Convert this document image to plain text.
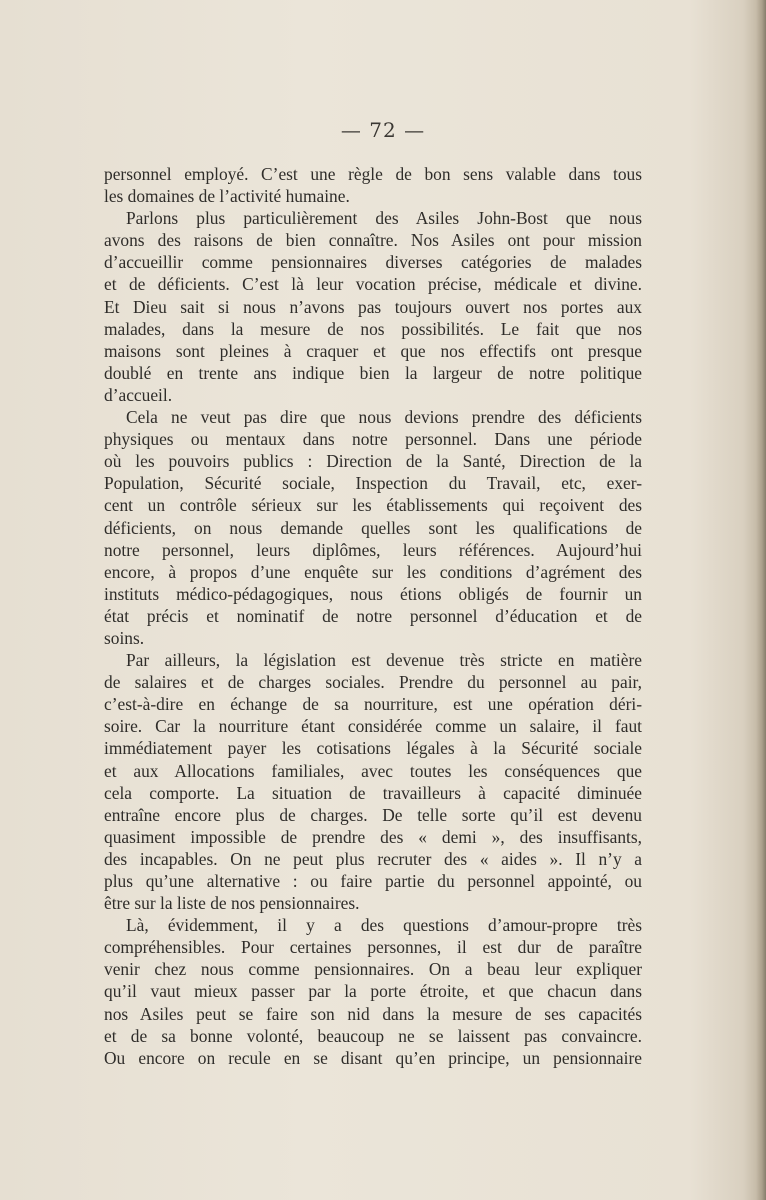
— 72 —
personnel employé. C’est une règle de bon sens valable dans tous
les domaines de l’activité humaine.
Parlons plus particulièrement des Asiles John-Bost que nous
avons des raisons de bien connaître. Nos Asiles ont pour mission
d’accueillir comme pensionnaires diverses catégories de malades
et de déficients. C’est là leur vocation précise, médicale et divine.
Et Dieu sait si nous n’avons pas toujours ouvert nos portes aux
malades, dans la mesure de nos possibilités. Le fait que nos
maisons sont pleines à craquer et que nos effectifs ont presque
doublé en trente ans indique bien la largeur de notre politique
d’accueil.
Cela ne veut pas dire que nous devions prendre des déficients
physiques ou mentaux dans notre personnel. Dans une période
où les pouvoirs publics : Direction de la Santé, Direction de la
Population, Sécurité sociale, Inspection du Travail, etc, exer-
cent un contrôle sérieux sur les établissements qui reçoivent des
déficients, on nous demande quelles sont les qualifications de
notre personnel, leurs diplômes, leurs références. Aujourd’hui
encore, à propos d’une enquête sur les conditions d’agrément des
instituts médico-pédagogiques, nous étions obligés de fournir un
état précis et nominatif de notre personnel d’éducation et de
soins.
Par ailleurs, la législation est devenue très stricte en matière
de salaires et de charges sociales. Prendre du personnel au pair,
c’est-à-dire en échange de sa nourriture, est une opération déri-
soire. Car la nourriture étant considérée comme un salaire, il faut
immédiatement payer les cotisations légales à la Sécurité sociale
et aux Allocations familiales, avec toutes les conséquences que
cela comporte. La situation de travailleurs à capacité diminuée
entraîne encore plus de charges. De telle sorte qu’il est devenu
quasiment impossible de prendre des « demi », des insuffisants,
des incapables. On ne peut plus recruter des « aides ». Il n’y a
plus qu’une alternative : ou faire partie du personnel appointé, ou
être sur la liste de nos pensionnaires.
Là, évidemment, il y a des questions d’amour-propre très
compréhensibles. Pour certaines personnes, il est dur de paraître
venir chez nous comme pensionnaires. On a beau leur expliquer
qu’il vaut mieux passer par la porte étroite, et que chacun dans
nos Asiles peut se faire son nid dans la mesure de ses capacités
et de sa bonne volonté, beaucoup ne se laissent pas convaincre.
Ou encore on recule en se disant qu’en principe, un pensionnaire
